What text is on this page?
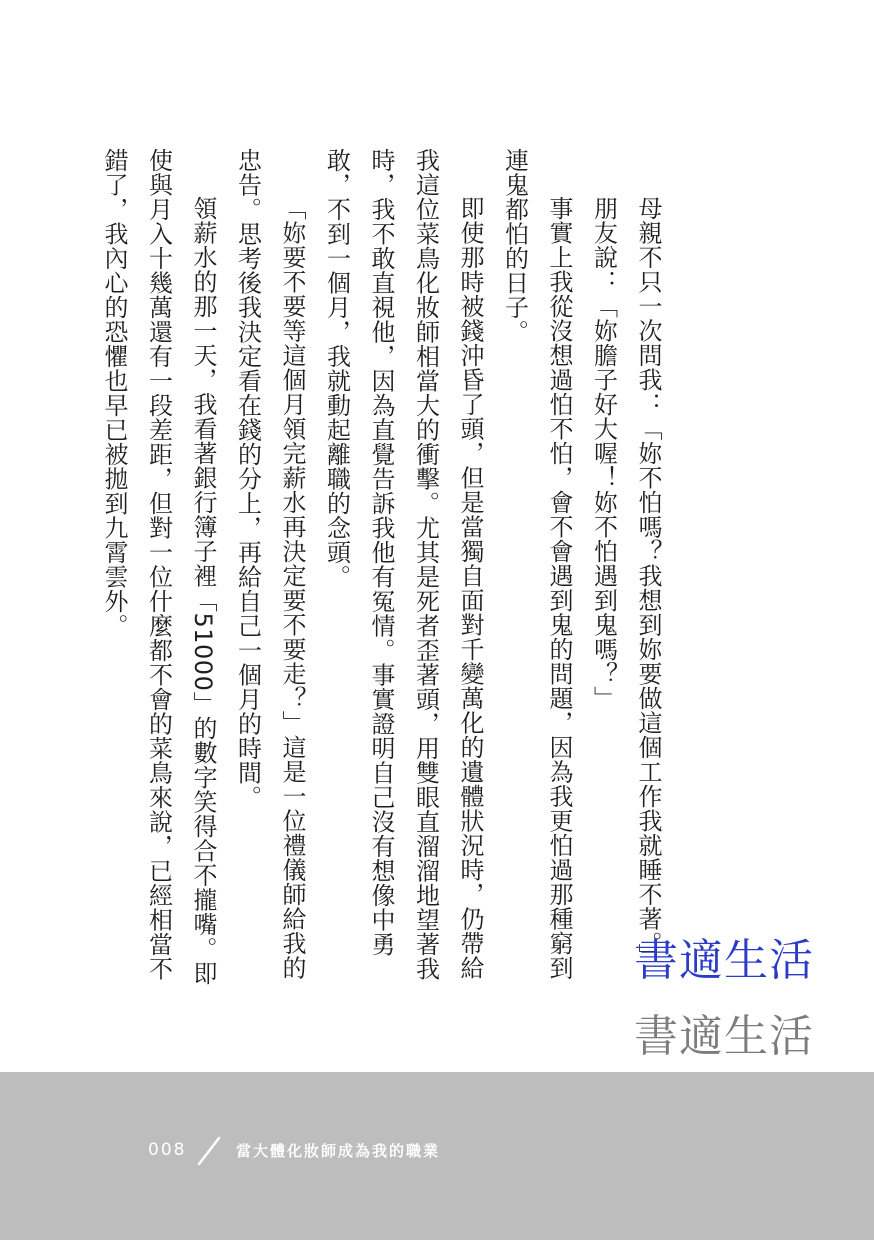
母親不只一次問我：「妳不怕嗎？我想到妳要做這個工作我就睡不著。」

朋友說：「妳膽子好大喔！妳不怕遇到鬼嗎？」

事實上我從沒想過怕不怕，會不會遇到鬼的問題，因為我更怕過那種窮到連鬼都怕的日子。

即使那時被錢沖昏了頭，但是當獨自面對千變萬化的遺體狀況時，仍帶給我這位菜鳥化妝師相當大的衝擊。尤其是死者歪著頭，用雙眼直溜溜地望著我時，我不敢直視他，因為直覺告訴我他有冤情。事實證明自己沒有想像中勇敢，不到一個月，我就動起離職的念頭。

「妳要不要等這個月領完薪水再決定要不要走？」這是一位禮儀師給我的忠告。思考後我決定看在錢的分上，再給自己一個月的時間。

領薪水的那一天，我看著銀行簿子裡「51000」的數字笑得合不攏嘴。即使與月入十幾萬還有一段差距，但對一位什麼都不會的菜鳥來說，已經相當不錯了，我內心的恐懼也早已被拋到九霄雲外。

書適生活
書適生活
008	當大體化妝師成為我的職業
